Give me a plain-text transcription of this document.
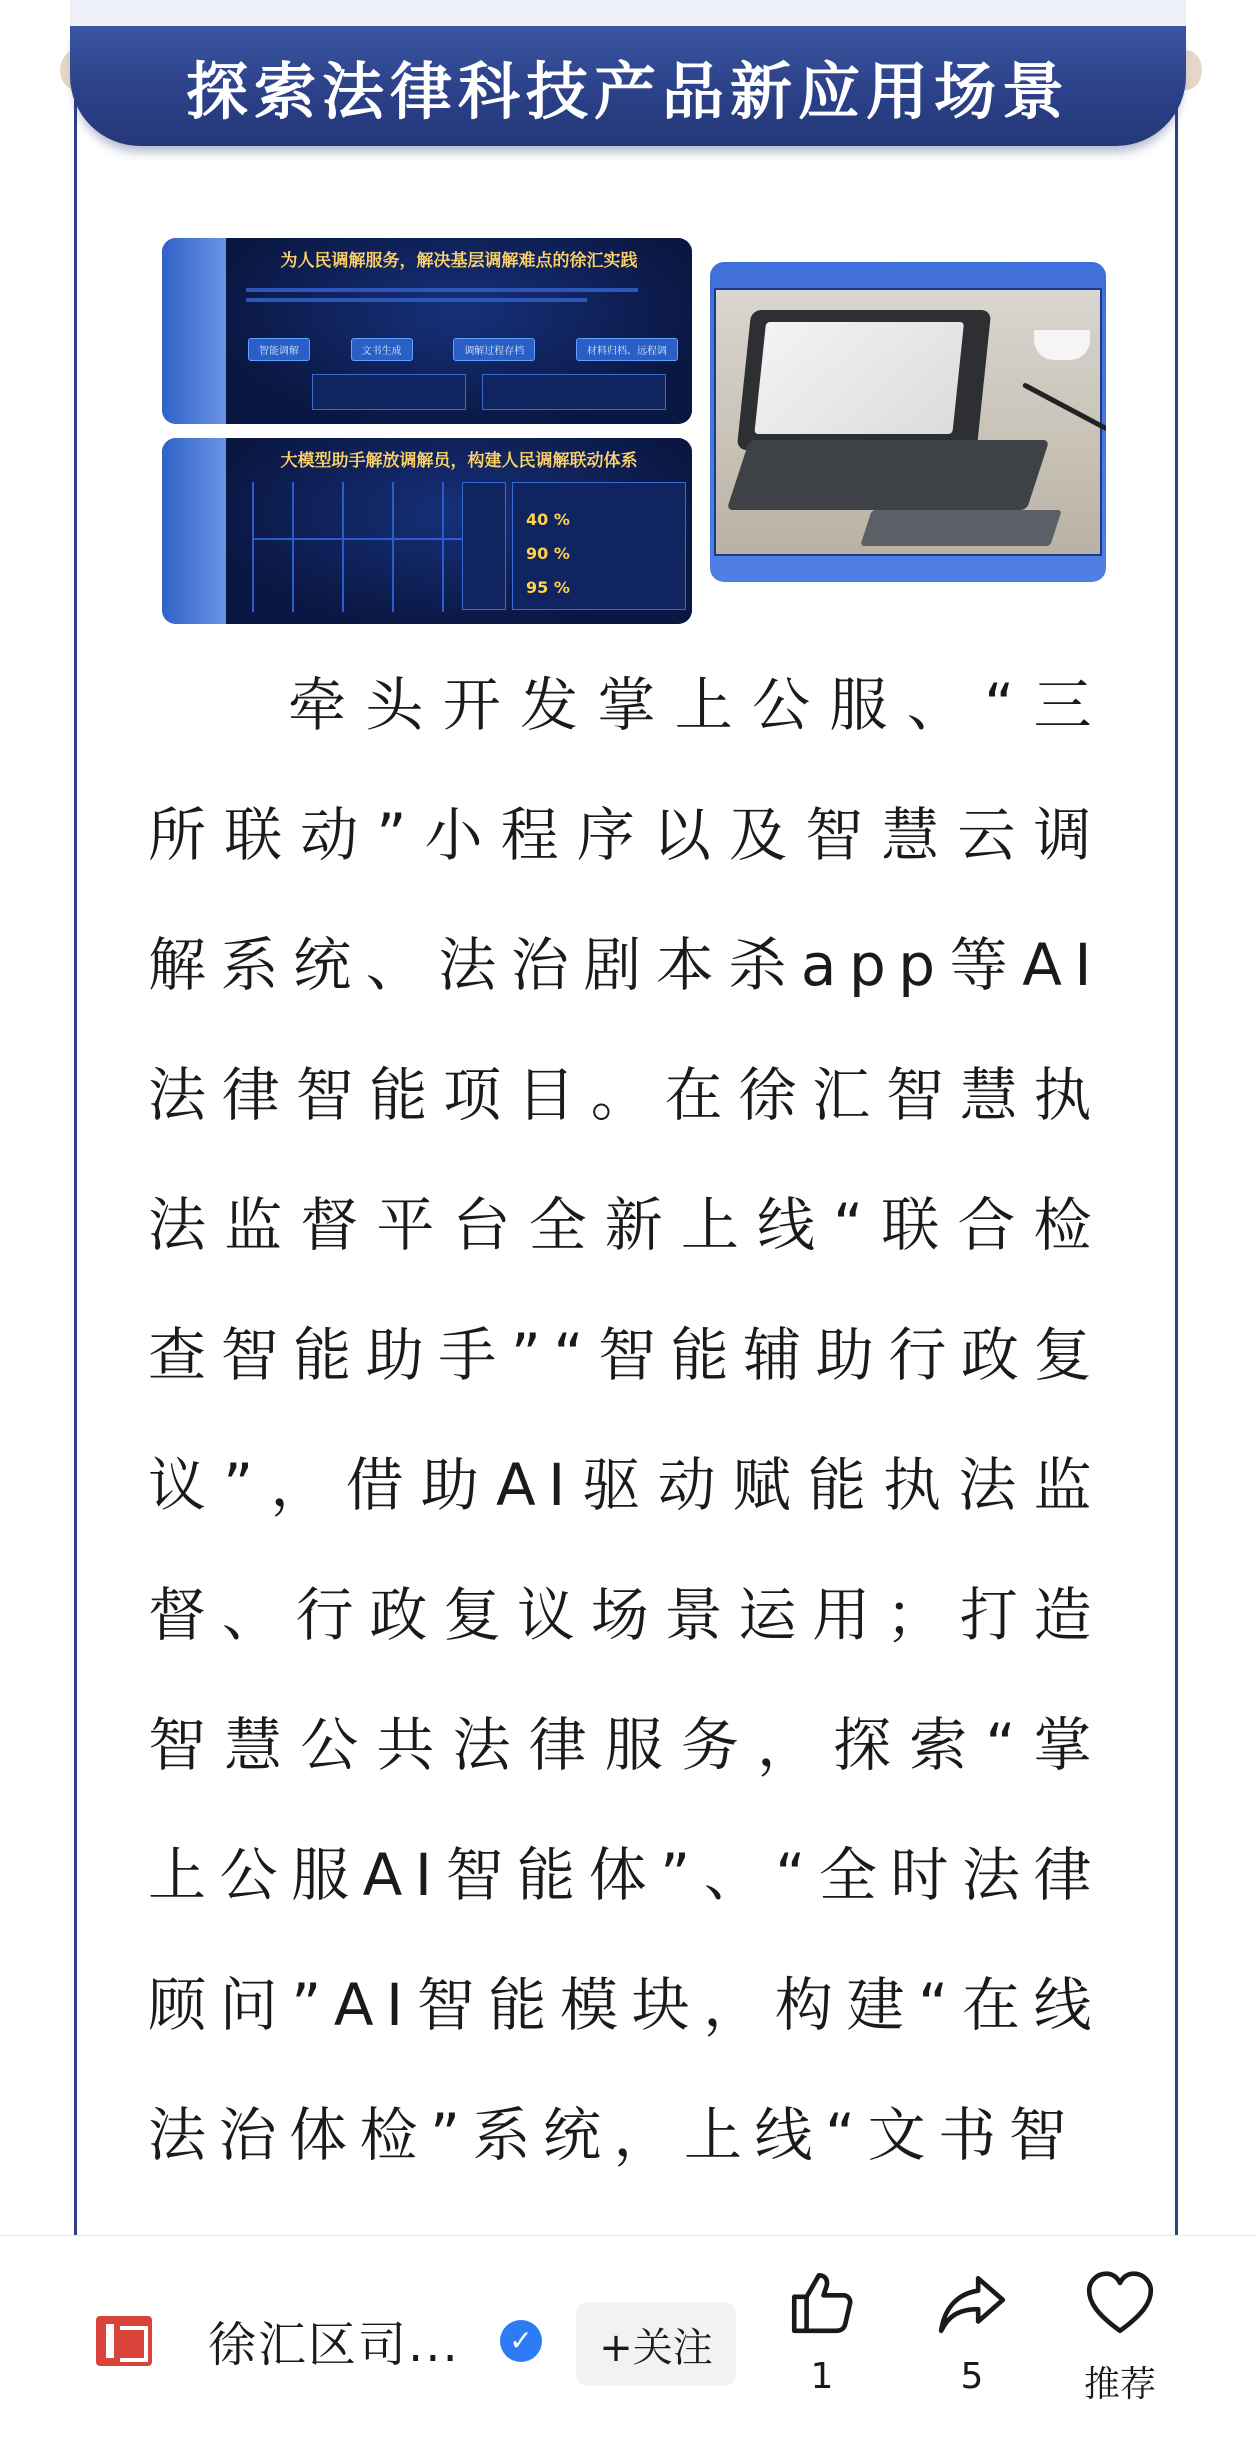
探索法律科技产品新应用场景
为人民调解服务，解决基层调解难点的徐汇实践
智能调解	文书生成	调解过程存档	材料归档、远程调
大模型助手解放调解员，构建人民调解联动体系
40 %
90 %
95 %
牵头开发掌上公服、“三所联动”小程序以及智慧云调解系统、法治剧本杀app等AI法律智能项目。在徐汇智慧执法监督平台全新上线“联合检查智能助手”“智能辅助行政复议”，借助AI驱动赋能执法监督、行政复议场景运用；打造智慧公共法律服务，探索“掌上公服AI智能体”、“全时法律顾问”AI智能模块，构建“在线法治体检”系统，上线“文书智
徐汇区司...	✓	+关注
1	5	推荐
